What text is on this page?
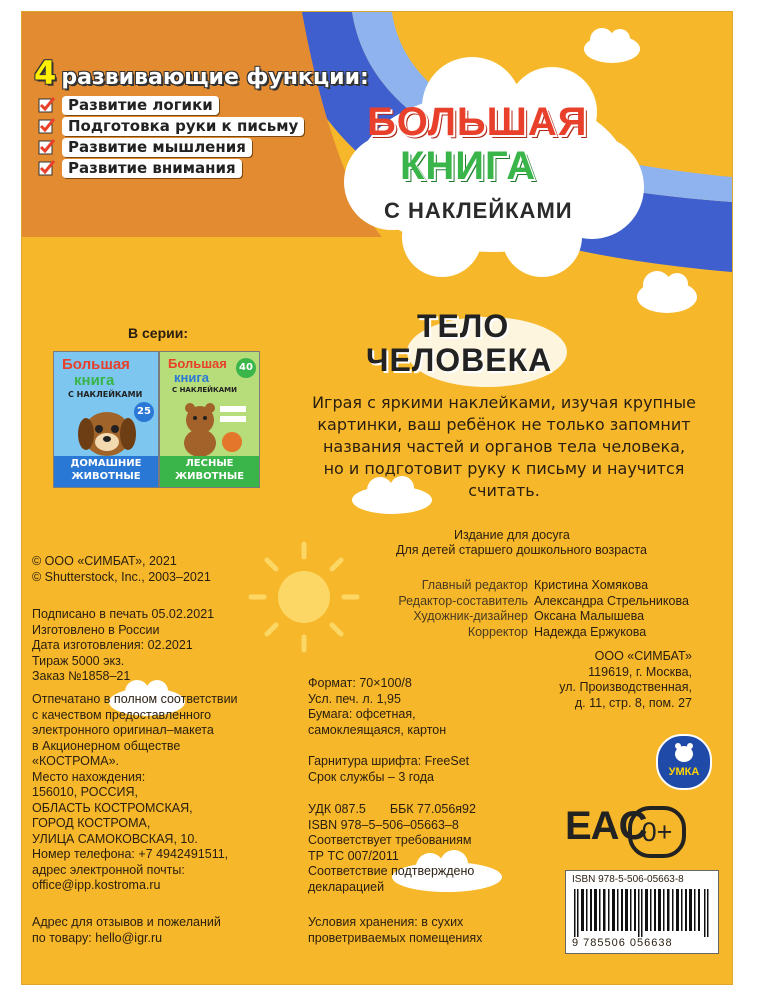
4 развивающие функции:
Развитие логики
Подготовка руки к письму
Развитие мышления
Развитие внимания
БОЛЬШАЯ
КНИГА
С НАКЛЕЙКАМИ
ТЕЛО
ЧЕЛОВЕКА
Играя с яркими наклейками, изучая крупные
картинки, ваш ребёнок не только запомнит
названия частей и органов тела человека,
но и подготовит руку к письму и научится
считать.
В серии:
Большая
книга
С НАКЛЕЙКАМИ
25
ДОМАШНИЕ
ЖИВОТНЫЕ
Большая
книга
С НАКЛЕЙКАМИ
40
ЛЕСНЫЕ
ЖИВОТНЫЕ
Издание для досуга
Для детей старшего дошкольного возраста
Главный редактор Кристина Хомякова
Редактор-составитель Александра Стрельникова
Художник-дизайнер Оксана Малышева
Корректор Надежда Ержукова
© ООО «СИМБАТ», 2021
© Shutterstock, Inc., 2003–2021
Подписано в печать 05.02.2021
Изготовлено в России
Дата изготовления: 02.2021
Тираж 5000 экз.
Заказ №1858–21
Отпечатано в полном соответствии
с качеством предоставленного
электронного оригинал–макета
в Акционерном обществе
«КОСТРОМА».
Место нахождения:
156010, РОССИЯ,
ОБЛАСТЬ КОСТРОМСКАЯ,
ГОРОД КОСТРОМА,
УЛИЦА САМОКОВСКАЯ, 10.
Номер телефона: +7 4942491511,
адрес электронной почты:
office@ipp.kostroma.ru
Адрес для отзывов и пожеланий
по товару: hello@igr.ru
Формат: 70×100/8
Усл. печ. л. 1,95
Бумага: офсетная,
самоклеящаяся, картон
Гарнитура шрифта: FreeSet
Срок службы – 3 года
ООО «СИМБАТ»
119619, г. Москва,
ул. Производственная,
д. 11, стр. 8, пом. 27
УДК 087.5 ББК 77.056я92
ISBN 978–5–506–05663–8
Соответствует требованиям
ТР ТС 007/2011
Соответствие подтверждено
декларацией
Условия хранения: в сухих
проветриваемых помещениях
УМКА
EAC
0+
ISBN 978-5-506-05663-8
9 785506 056638
